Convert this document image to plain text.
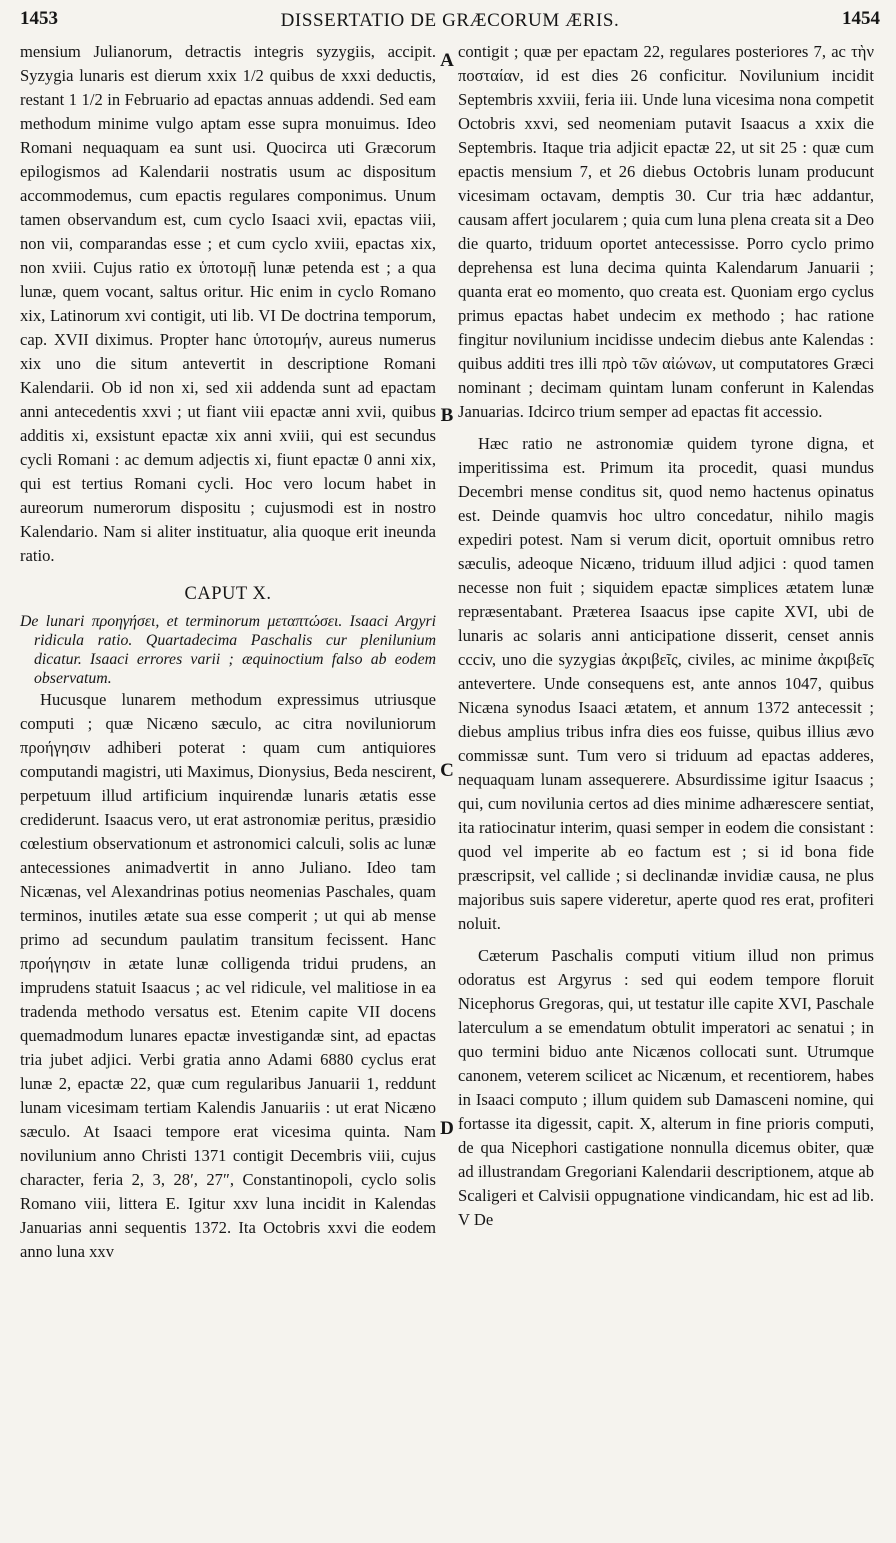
1453	DISSERTATIO DE GRÆCORUM ÆRIS.	1454
A
B
C
D

mensium Julianorum, detractis integris syzygiis, accipit. Syzygia lunaris est dierum xxix 1/2 quibus de xxxi deductis, restant 1 1/2 in Februario ad epactas annuas addendi. Sed eam methodum minime vulgo aptam esse supra monuimus. Ideo Romani nequaquam ea sunt usi. Quocirca uti Græcorum epilogismos ad Kalendarii nostratis usum ac dispositum accommodemus, cum epactis regulares componimus. Unum tamen observandum est, cum cyclo Isaaci xvii, epactas viii, non vii, comparandas esse ; et cum cyclo xviii, epactas xix, non xviii. Cujus ratio ex ὑποτομῇ lunæ petenda est ; a qua lunæ, quem vocant, saltus oritur. Hic enim in cyclo Romano xix, Latinorum xvi contigit, uti lib. VI De doctrina temporum, cap. XVII diximus. Propter hanc ὑποτομήν, aureus numerus xix uno die situm antevertit in descriptione Romani Kalendarii. Ob id non xi, sed xii addenda sunt ad epactam anni antecedentis xxvi ; ut fiant viii epactæ anni xvii, quibus additis xi, exsistunt epactæ xix anni xviii, qui est secundus cycli Romani : ac demum adjectis xi, fiunt epactæ 0 anni xix, qui est tertius Romani cycli. Hoc vero locum habet in aureorum numerorum dispositu ; cujusmodi est in nostro Kalendario. Nam si aliter instituatur, alia quoque erit ineunda ratio.

CAPUT X.

De lunari προηγήσει, et terminorum μεταπτώσει. Isaaci Argyri ridicula ratio. Quartadecima Paschalis cur plenilunium dicatur. Isaaci errores varii ; æquinoctium falso ab eodem observatum.

Hucusque lunarem methodum expressimus utriusque computi ; quæ Nicæno sæculo, ac citra noviluniorum προήγησιν adhiberi poterat : quam cum antiquiores computandi magistri, uti Maximus, Dionysius, Beda nescirent, perpetuum illud artificium inquirendæ lunaris ætatis esse crediderunt. Isaacus vero, ut erat astronomiæ peritus, præsidio cœlestium observationum et astronomici calculi, solis ac lunæ antecessiones animadvertit in anno Juliano. Ideo tam Nicænas, vel Alexandrinas potius neomenias Paschales, quam terminos, inutiles ætate sua esse comperit ; ut qui ab mense primo ad secundum paulatim transitum fecissent. Hanc προήγησιν in ætate lunæ colligenda tridui prudens, an imprudens statuit Isaacus ; ac vel ridicule, vel malitiose in ea tradenda methodo versatus est. Etenim capite VII docens quemadmodum lunares epactæ investigandæ sint, ad epactas tria jubet adjici. Verbi gratia anno Adami 6880 cyclus erat lunæ 2, epactæ 22, quæ cum regularibus Januarii 1, reddunt lunam vicesimam tertiam Kalendis Januariis : ut erat Nicæno sæculo. At Isaaci tempore erat vicesima quinta. Nam novilunium anno Christi 1371 contigit Decembris viii, cujus character, feria 2, 3, 28′, 27″, Constantinopoli, cyclo solis Romano viii, littera E. Igitur xxv luna incidit in Kalendas Januarias anni sequentis 1372. Ita Octobris xxvi die eodem anno luna xxv

contigit ; quæ per epactam 22, regulares posteriores 7, ac τὴν ποσταίαν, id est dies 26 conficitur. Novilunium incidit Septembris xxviii, feria iii. Unde luna vicesima nona competit Octobris xxvi, sed neomeniam putavit Isaacus a xxix die Septembris. Itaque tria adjicit epactæ 22, ut sit 25 : quæ cum epactis mensium 7, et 26 diebus Octobris lunam producunt vicesimam octavam, demptis 30. Cur tria hæc addantur, causam affert jocularem ; quia cum luna plena creata sit a Deo die quarto, triduum oportet antecessisse. Porro cyclo primo deprehensa est luna decima quinta Kalendarum Januarii ; quanta erat eo momento, quo creata est. Quoniam ergo cyclus primus epactas habet undecim ex methodo ; hac ratione fingitur novilunium incidisse undecim diebus ante Kalendas : quibus additi tres illi πρὸ τῶν αἰώνων, ut computatores Græci nominant ; decimam quintam lunam conferunt in Kalendas Januarias. Idcirco trium semper ad epactas fit accessio.

Hæc ratio ne astronomiæ quidem tyrone digna, et imperitissima est. Primum ita procedit, quasi mundus Decembri mense conditus sit, quod nemo hactenus opinatus est. Deinde quamvis hoc ultro concedatur, nihilo magis expediri potest. Nam si verum dicit, oportuit omnibus retro sæculis, adeoque Nicæno, triduum illud adjici : quod tamen necesse non fuit ; siquidem epactæ simplices ætatem lunæ repræsentabant. Præterea Isaacus ipse capite XVI, ubi de lunaris ac solaris anni anticipatione disserit, censet annis ccciv, uno die syzygias ἀκριβεῖς, civiles, ac minime ἀκριβεῖς antevertere. Unde consequens est, ante annos 1047, quibus Nicæna synodus Isaaci ætatem, et annum 1372 antecessit ; diebus amplius tribus infra dies eos fuisse, quibus illius ævo commissæ sunt. Tum vero si triduum ad epactas adderes, nequaquam lunam assequerere. Absurdissime igitur Isaacus ; qui, cum novilunia certos ad dies minime adhærescere sentiat, ita ratiocinatur interim, quasi semper in eodem die consistant : quod vel imperite ab eo factum est ; si id bona fide præscripsit, vel callide ; si declinandæ invidiæ causa, ne plus majoribus suis sapere videretur, aperte quod res erat, profiteri noluit.

Cæterum Paschalis computi vitium illud non primus odoratus est Argyrus : sed qui eodem tempore floruit Nicephorus Gregoras, qui, ut testatur ille capite XVI, Paschale laterculum a se emendatum obtulit imperatori ac senatui ; in quo termini biduo ante Nicænos collocati sunt. Utrumque canonem, veterem scilicet ac Nicænum, et recentiorem, habes in Isaaci computo ; illum quidem sub Damasceni nomine, qui fortasse ita digessit, capit. X, alterum in fine prioris computi, de qua Nicephori castigatione nonnulla dicemus obiter, quæ ad illustrandam Gregoriani Kalendarii descriptionem, atque ab Scaligeri et Calvisii oppugnatione vindicandam, hic est ad lib. V De
